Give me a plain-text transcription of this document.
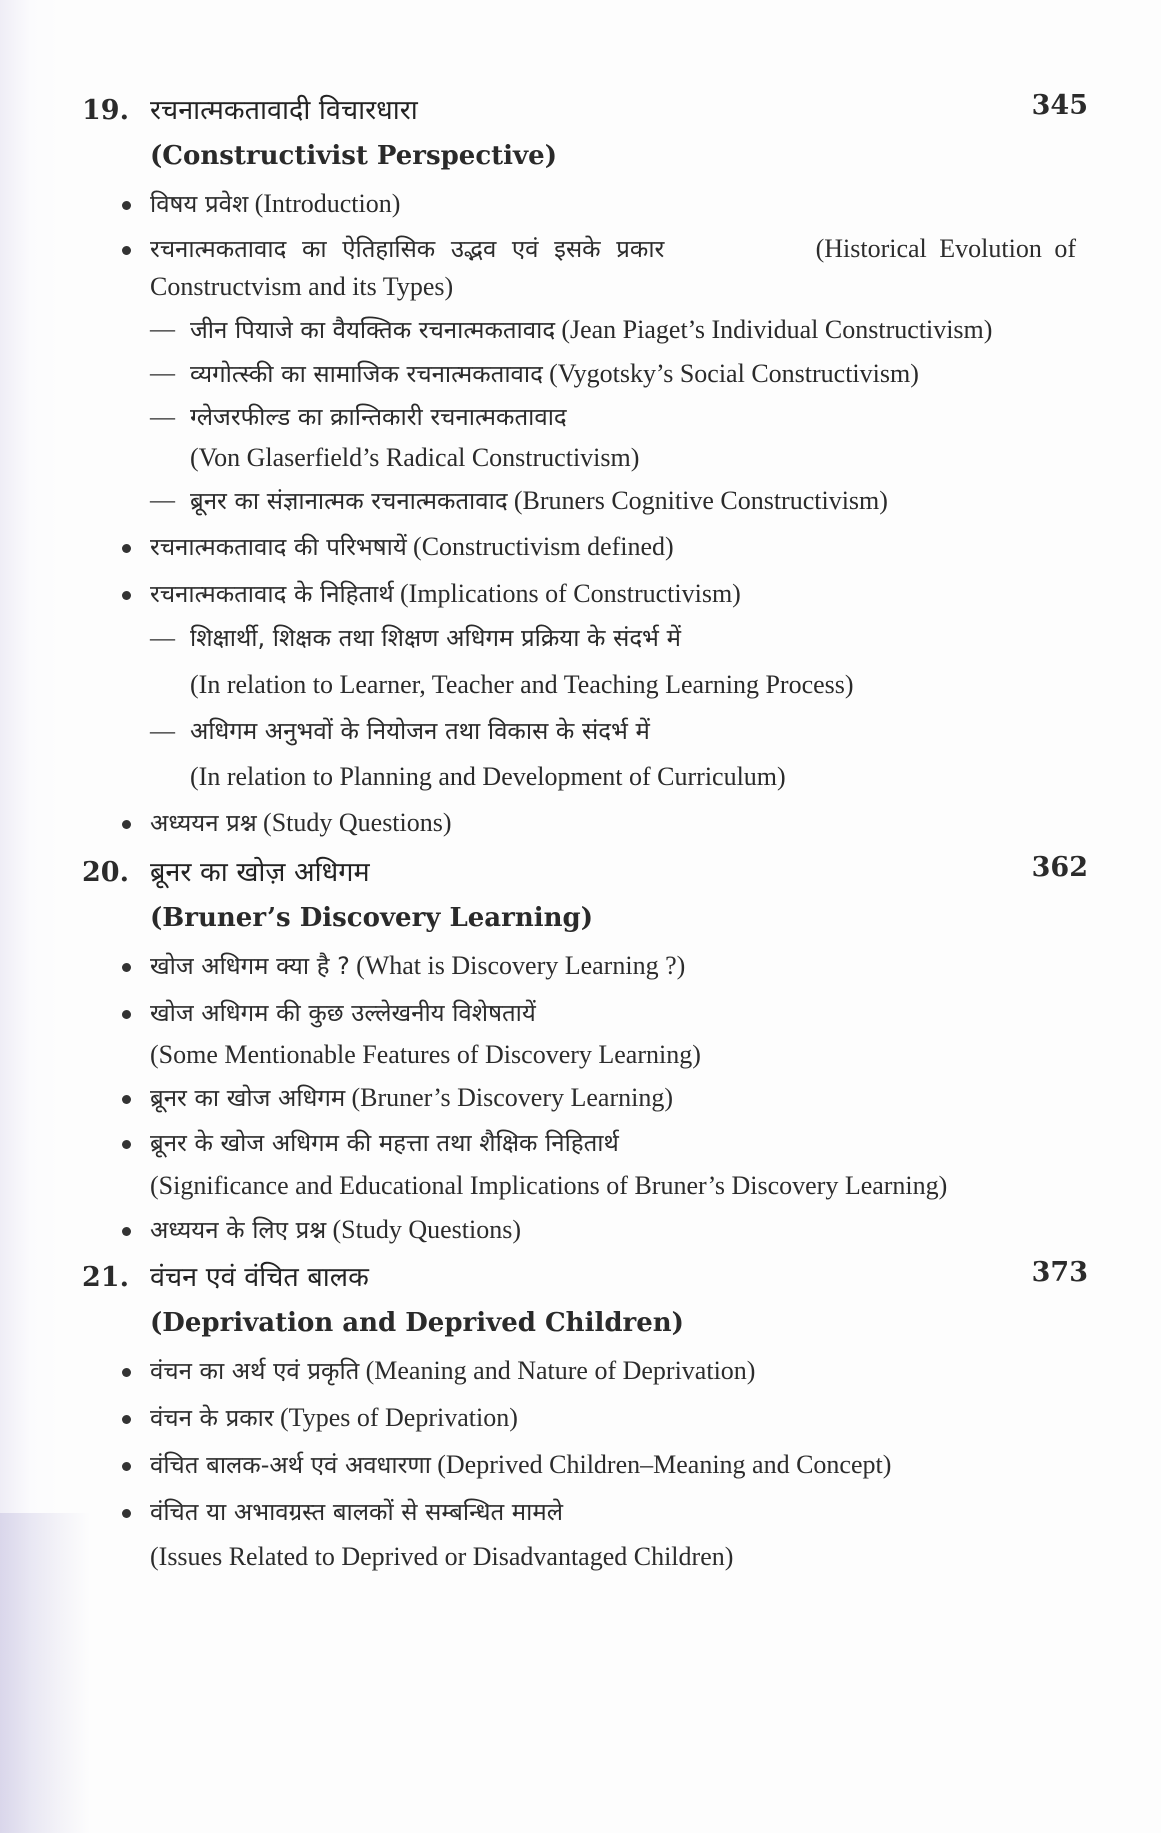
19. रचनात्मकतावादी विचारधारा	345
(Constructivist Perspective)
विषय प्रवेश (Introduction)
रचनात्मकतावाद का ऐतिहासिक उद्भव एवं इसके प्रकार	(Historical Evolution of
Constructvism and its Types)
— जीन पियाजे का वैयक्तिक रचनात्मकतावाद (Jean Piaget’s Individual Constructivism)
— व्यगोत्स्की का सामाजिक रचनात्मकतावाद (Vygotsky’s Social Constructivism)
— ग्लेजरफील्ड का क्रान्तिकारी रचनात्मकतावाद
(Von Glaserfield’s Radical Constructivism)
— ब्रूनर का संज्ञानात्मक रचनात्मकतावाद (Bruners Cognitive Constructivism)
रचनात्मकतावाद की परिभषायें (Constructivism defined)
रचनात्मकतावाद के निहितार्थ (Implications of Constructivism)
— शिक्षार्थी, शिक्षक तथा शिक्षण अधिगम प्रक्रिया के संदर्भ में
(In relation to Learner, Teacher and Teaching Learning Process)
— अधिगम अनुभवों के नियोजन तथा विकास के संदर्भ में
(In relation to Planning and Development of Curriculum)
अध्ययन प्रश्न (Study Questions)
20. ब्रूनर का खोज़ अधिगम	362
(Bruner’s Discovery Learning)
खोज अधिगम क्या है ? (What is Discovery Learning ?)
खोज अधिगम की कुछ उल्लेखनीय विशेषतायें
(Some Mentionable Features of Discovery Learning)
ब्रूनर का खोज अधिगम (Bruner’s Discovery Learning)
ब्रूनर के खोज अधिगम की महत्ता तथा शैक्षिक निहितार्थ
(Significance and Educational Implications of Bruner’s Discovery Learning)
अध्ययन के लिए प्रश्न (Study Questions)
21. वंचन एवं वंचित बालक	373
(Deprivation and Deprived Children)
वंचन का अर्थ एवं प्रकृति (Meaning and Nature of Deprivation)
वंचन के प्रकार (Types of Deprivation)
वंचित बालक-अर्थ एवं अवधारणा (Deprived Children–Meaning and Concept)
वंचित या अभावग्रस्त बालकों से सम्बन्धित मामले
(Issues Related to Deprived or Disadvantaged Children)
